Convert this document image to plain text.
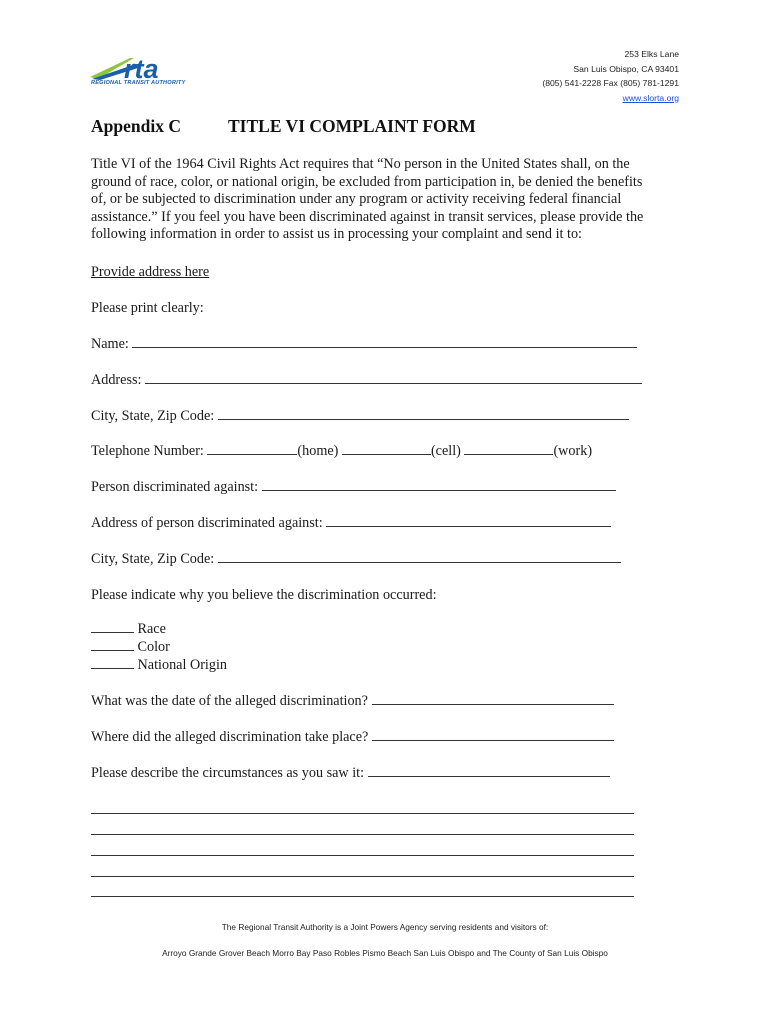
rta
REGIONAL TRANSIT AUTHORITY
253 Elks Lane
San Luis Obispo, CA 93401
(805) 541-2228 Fax (805) 781-1291
www.slorta.org
Appendix C	TITLE VI COMPLAINT FORM
Title VI of the 1964 Civil Rights Act requires that “No person in the United States shall, on the
ground of race, color, or national origin, be excluded from participation in, be denied the benefits
of, or be subjected to discrimination under any program or activity receiving federal financial
assistance.” If you feel you have been discriminated against in transit services, please provide the
following information in order to assist us in processing your complaint and send it to:
Provide address here
Please print clearly:
Name:
Address:
City, State, Zip Code:
Telephone Number:	(home)	(cell)	(work)
Person discriminated against:
Address of person discriminated against:
City, State, Zip Code:
Please indicate why you believe the discrimination occurred:
Race
Color
National Origin
What was the date of the alleged discrimination?
Where did the alleged discrimination take place?
Please describe the circumstances as you saw it:
The Regional Transit Authority is a Joint Powers Agency serving residents and visitors of:
Arroyo Grande Grover Beach Morro Bay Paso Robles Pismo Beach San Luis Obispo and The County of San Luis Obispo
